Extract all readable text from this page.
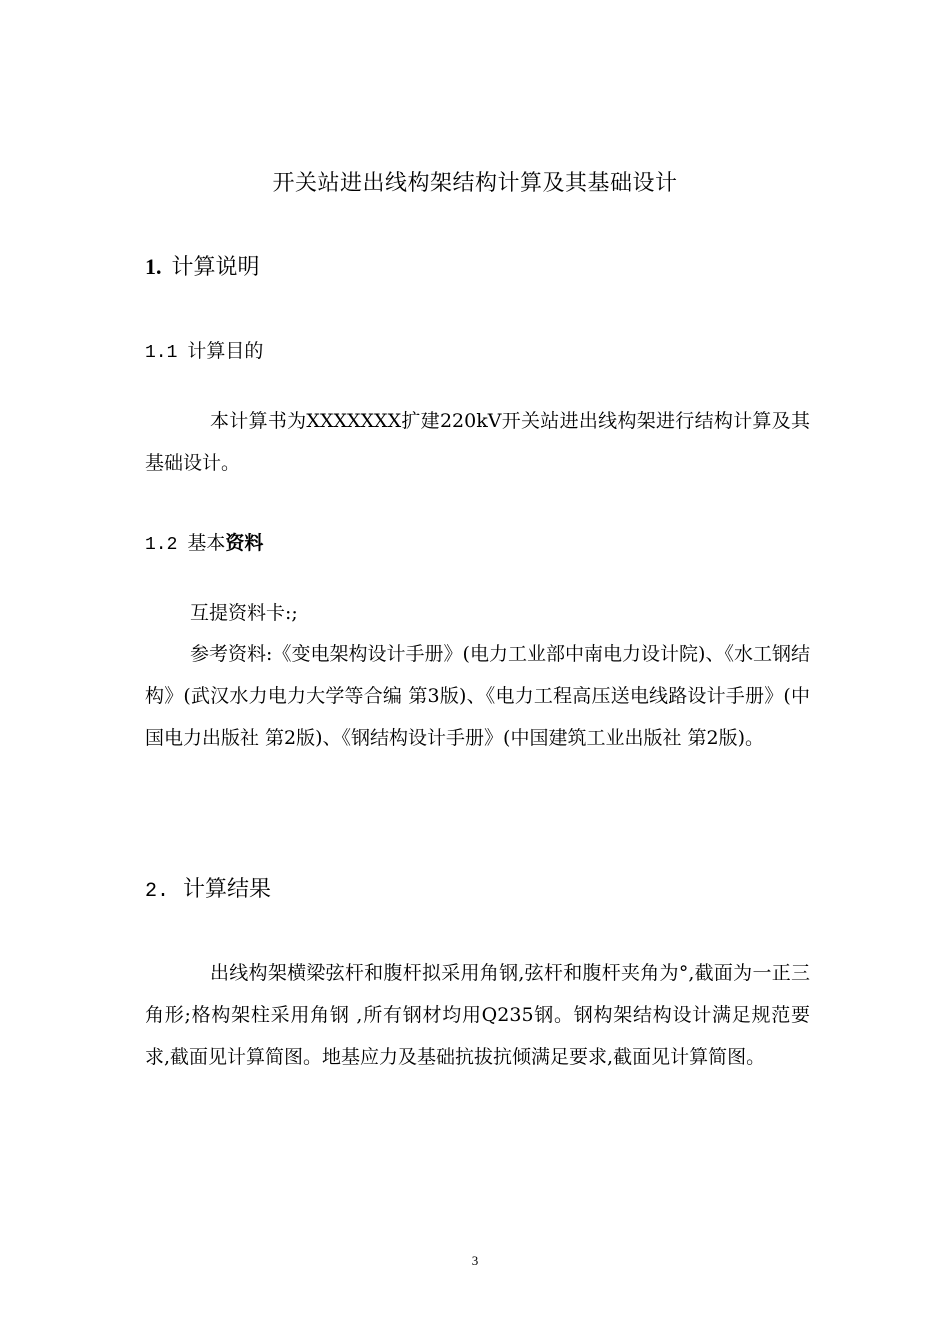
开关站进出线构架结构计算及其基础设计
1. 计算说明
1.1 计算目的
本计算书为XXXXXXX扩建220kV开关站进出线构架进行结构计算及其基础设计。
1.2 基本资料
互提资料卡:;
参考资料:《变电架构设计手册》(电力工业部中南电力设计院)、《水工钢结构》(武汉水力电力大学等合编 第3版)、《电力工程高压送电线路设计手册》(中国电力出版社 第2版)、《钢结构设计手册》(中国建筑工业出版社 第2版)。
2. 计算结果
出线构架横梁弦杆和腹杆拟采用角钢,弦杆和腹杆夹角为°,截面为一正三角形;格构架柱采用角钢 ,所有钢材均用Q235钢。钢构架结构设计满足规范要求,截面见计算简图。地基应力及基础抗拔抗倾满足要求,截面见计算简图。
3
